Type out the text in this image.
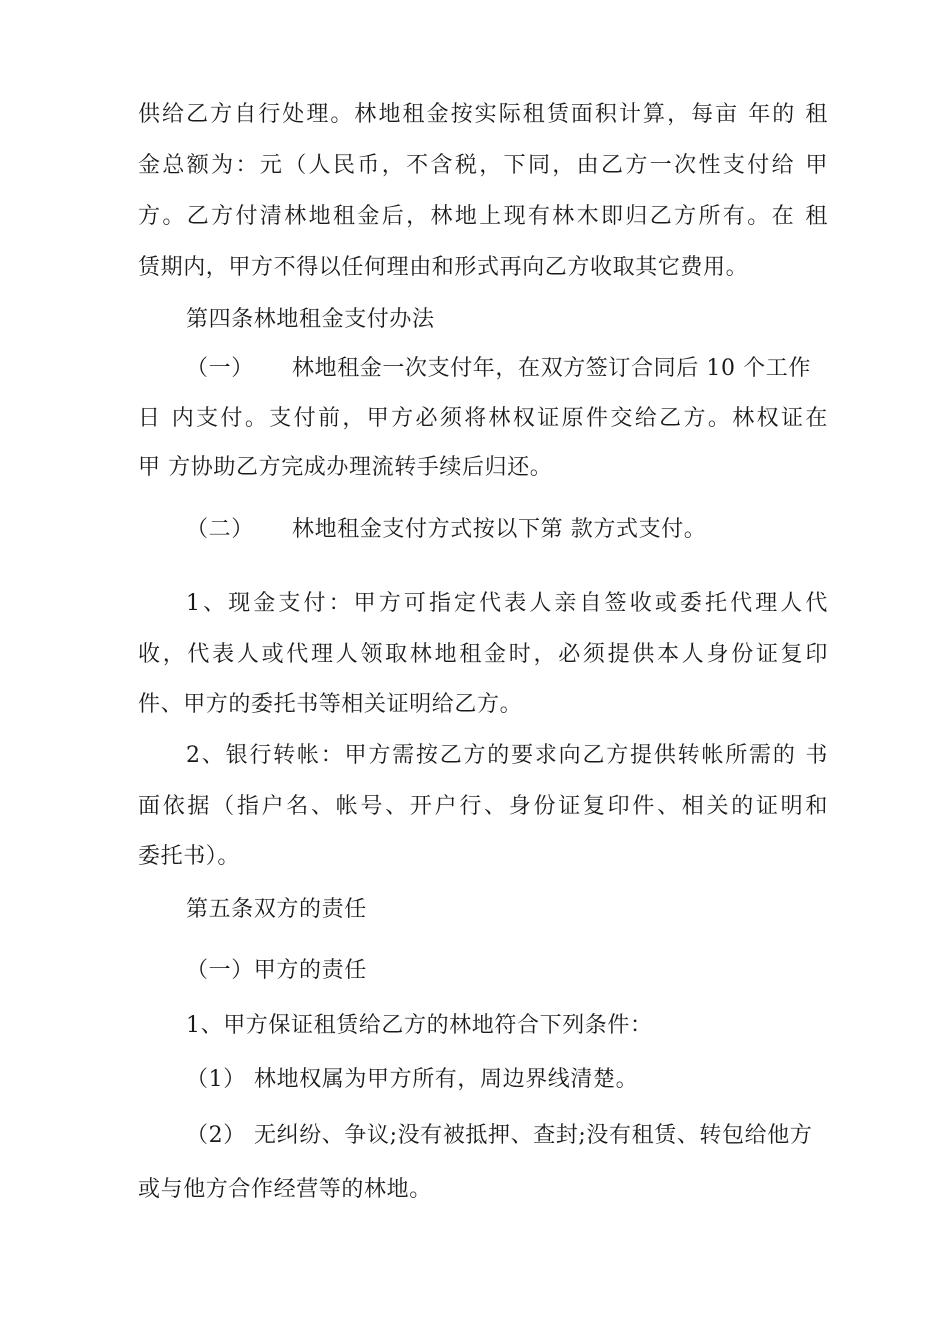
供给乙方自行处理。林地租金按实际租赁面积计算，每亩 年的 租
金总额为：元（人民币，不含税，下同，由乙方一次性支付给 甲
方。乙方付清林地租金后，林地上现有林木即归乙方所有。在 租
赁期内，甲方不得以任何理由和形式再向乙方收取其它费用。
第四条林地租金支付办法
（一） 林地租金一次支付年，在双方签订合同后 10 个工作
日 内支付。支付前，甲方必须将林权证原件交给乙方。林权证在
甲 方协助乙方完成办理流转手续后归还。
（二） 林地租金支付方式按以下第 款方式支付。
1、现金支付：甲方可指定代表人亲自签收或委托代理人代
收，代表人或代理人领取林地租金时，必须提供本人身份证复印
件、甲方的委托书等相关证明给乙方。
2、银行转帐：甲方需按乙方的要求向乙方提供转帐所需的 书
面依据（指户名、帐号、开户行、身份证复印件、相关的证明和
委托书）。
第五条双方的责任
（一）甲方的责任
1、甲方保证租赁给乙方的林地符合下列条件：
（1） 林地权属为甲方所有，周边界线清楚。
（2） 无纠纷、争议;没有被抵押、查封;没有租赁、转包给他方
或与他方合作经营等的林地。
